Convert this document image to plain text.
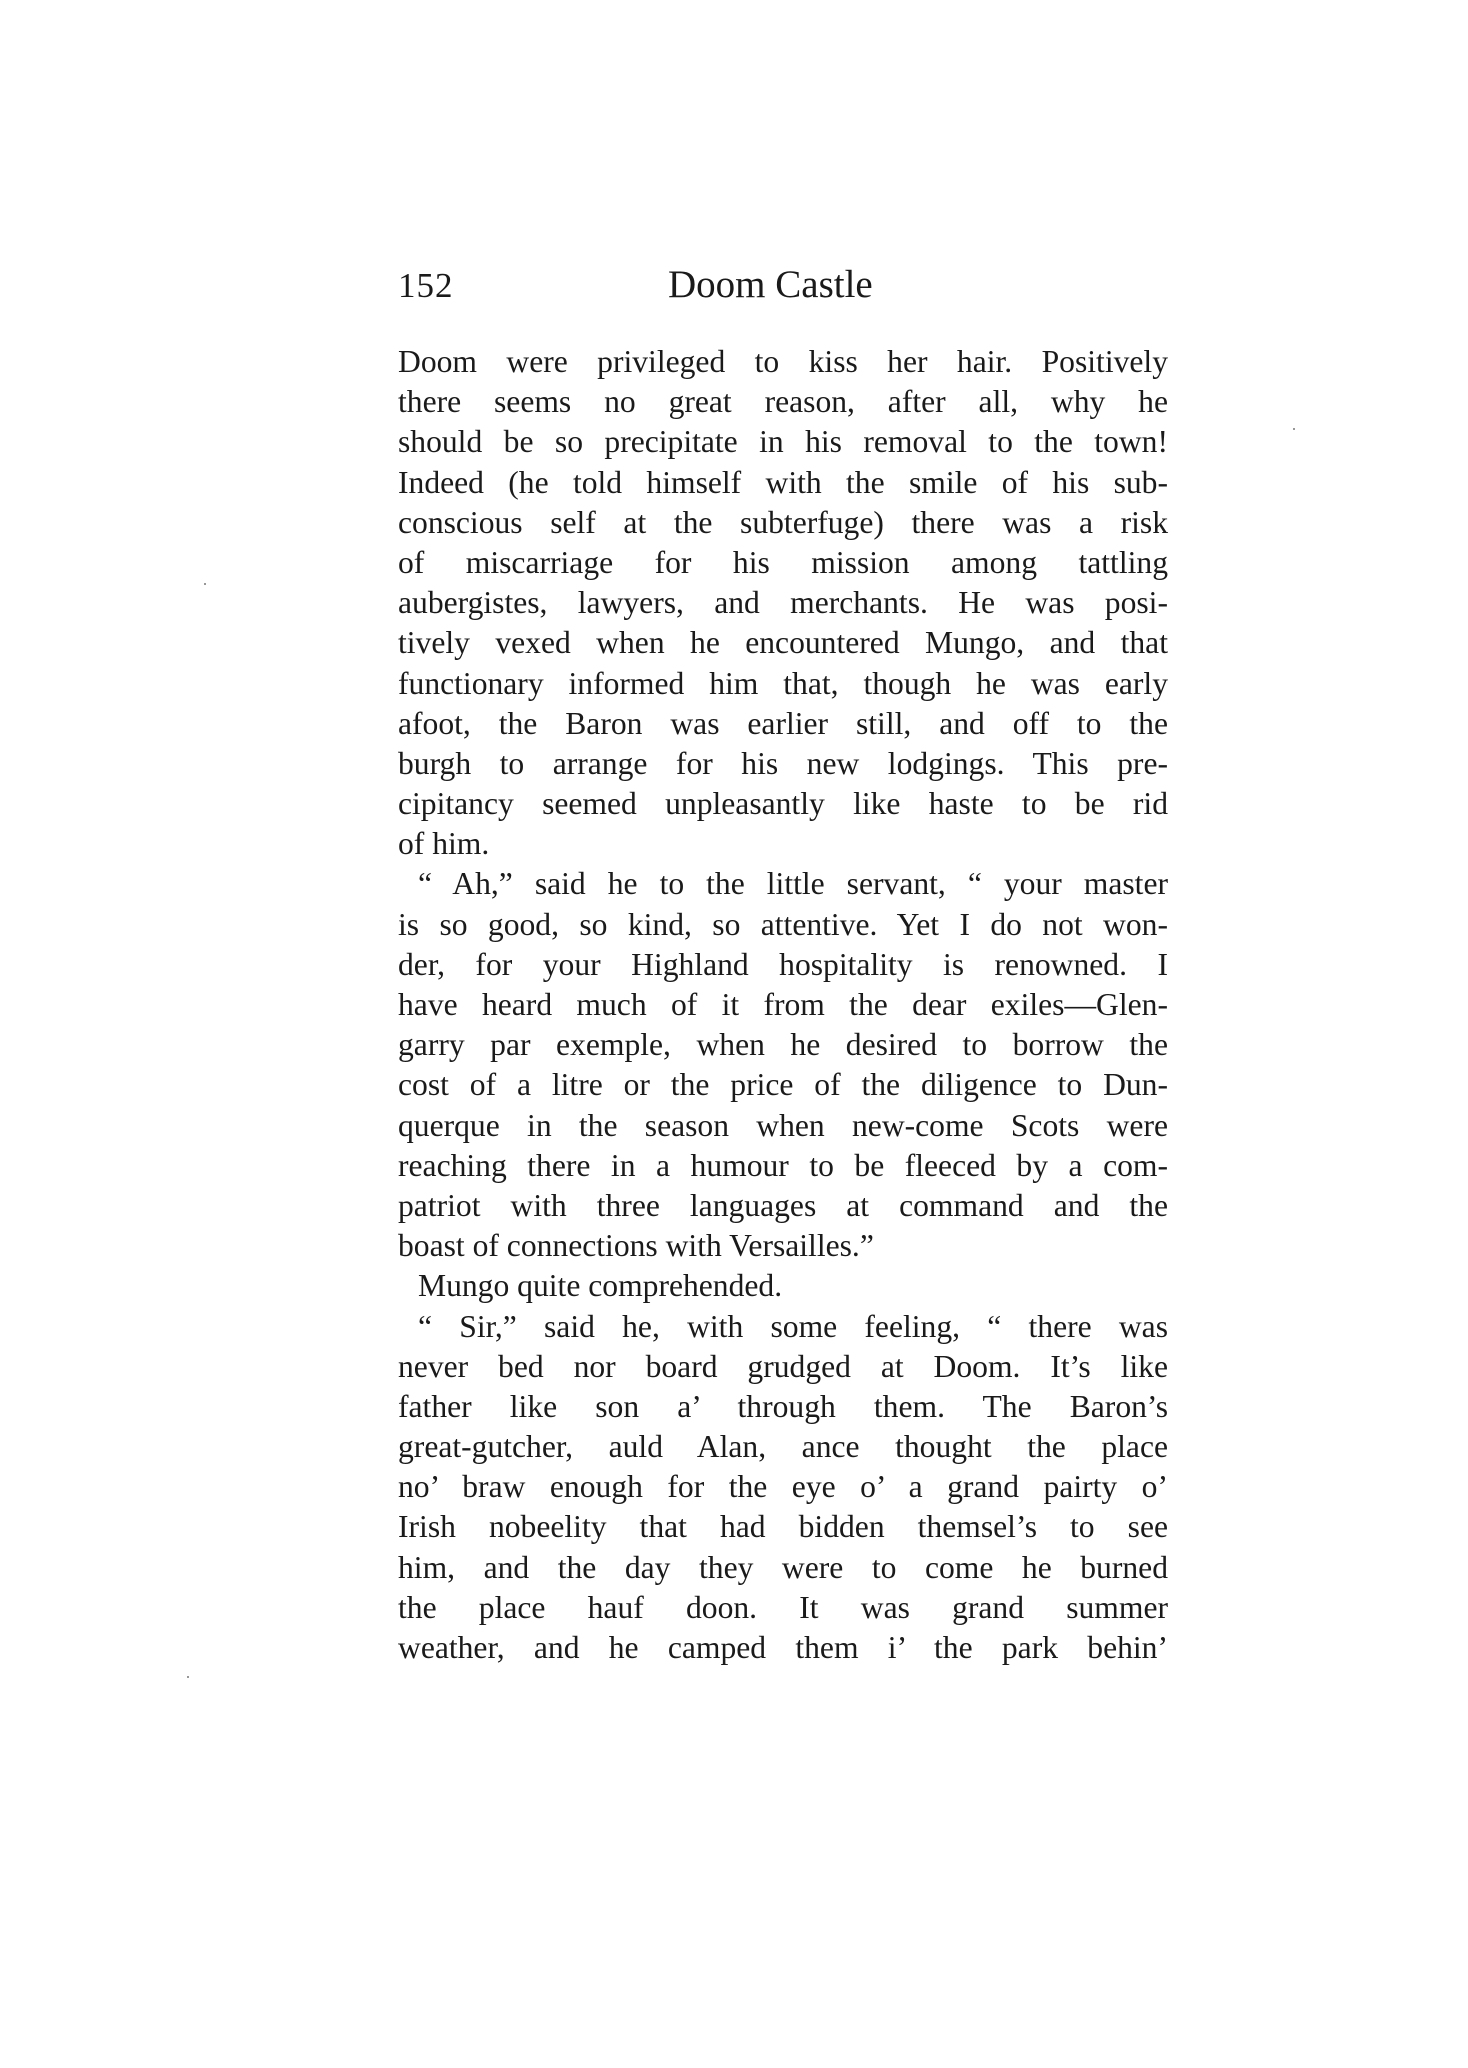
152	Doom Castle
Doom were privileged to kiss her hair. Positively
there seems no great reason, after all, why he
should be so precipitate in his removal to the town!
Indeed (he told himself with the smile of his sub-
conscious self at the subterfuge) there was a risk
of miscarriage for his mission among tattling
aubergistes, lawyers, and merchants. He was posi-
tively vexed when he encountered Mungo, and that
functionary informed him that, though he was early
afoot, the Baron was earlier still, and off to the
burgh to arrange for his new lodgings. This pre-
cipitancy seemed unpleasantly like haste to be rid
of him.
“ Ah,” said he to the little servant, “ your master
is so good, so kind, so attentive. Yet I do not won-
der, for your Highland hospitality is renowned. I
have heard much of it from the dear exiles—Glen-
garry par exemple, when he desired to borrow the
cost of a litre or the price of the diligence to Dun-
querque in the season when new-come Scots were
reaching there in a humour to be fleeced by a com-
patriot with three languages at command and the
boast of connections with Versailles.”
Mungo quite comprehended.
“ Sir,” said he, with some feeling, “ there was
never bed nor board grudged at Doom. It’s like
father like son a’ through them. The Baron’s
great-gutcher, auld Alan, ance thought the place
no’ braw enough for the eye o’ a grand pairty o’
Irish nobeelity that had bidden themsel’s to see
him, and the day they were to come he burned
the place hauf doon. It was grand summer
weather, and he camped them i’ the park behin’
